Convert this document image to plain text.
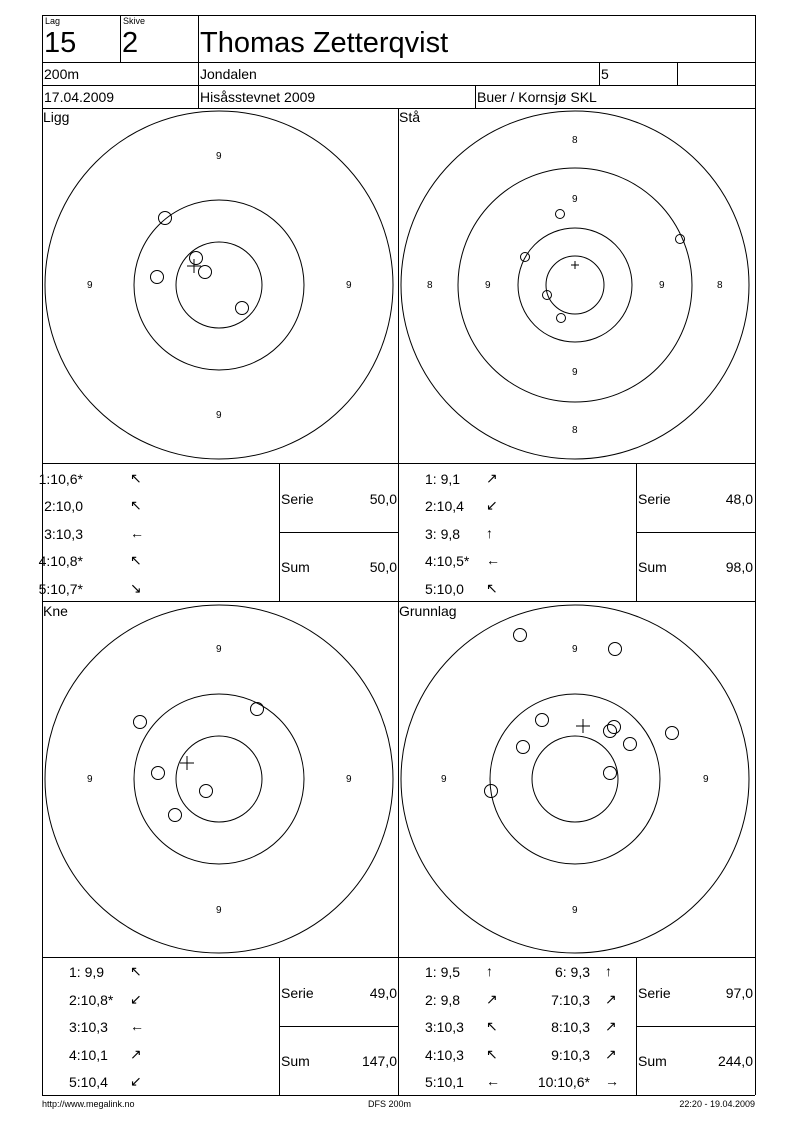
Lag
15
Skive
2 Thomas Zetterqvist
200m	Jondalen	5
17.04.2009	Hisåsstevnet 2009	Buer / Kornsjø SKL
Ligg
9
9
9	9
Stå
8
9
9
8
8	9	9	8
Kne
9
9
9	9
Grunnlag
9
9
9	9
1:10,6*	↖
2:10,0	↖
3:10,3	←
4:10,8*	↖
5:10,7*	↘
Serie	50,0
Sum	50,0
1: 9,1 ↗
2:10,4 ↙
3: 9,8 ↑
4:10,5* ←
5:10,0 ↖
Serie	48,0
Sum	98,0
1: 9,9 ↖
2:10,8* ↙
3:10,3 ←
4:10,1 ↗
5:10,4 ↙
Serie	49,0
Sum	147,0
1: 9,5 ↑
2: 9,8 ↗
3:10,3 ↖
4:10,3 ↖
5:10,1 ←
6: 9,3 ↑
7:10,3 ↗
8:10,3 ↗
9:10,3 ↗
10:10,6* →
Serie	97,0
Sum	244,0
http://www.megalink.no	DFS 200m	22:20 - 19.04.2009
